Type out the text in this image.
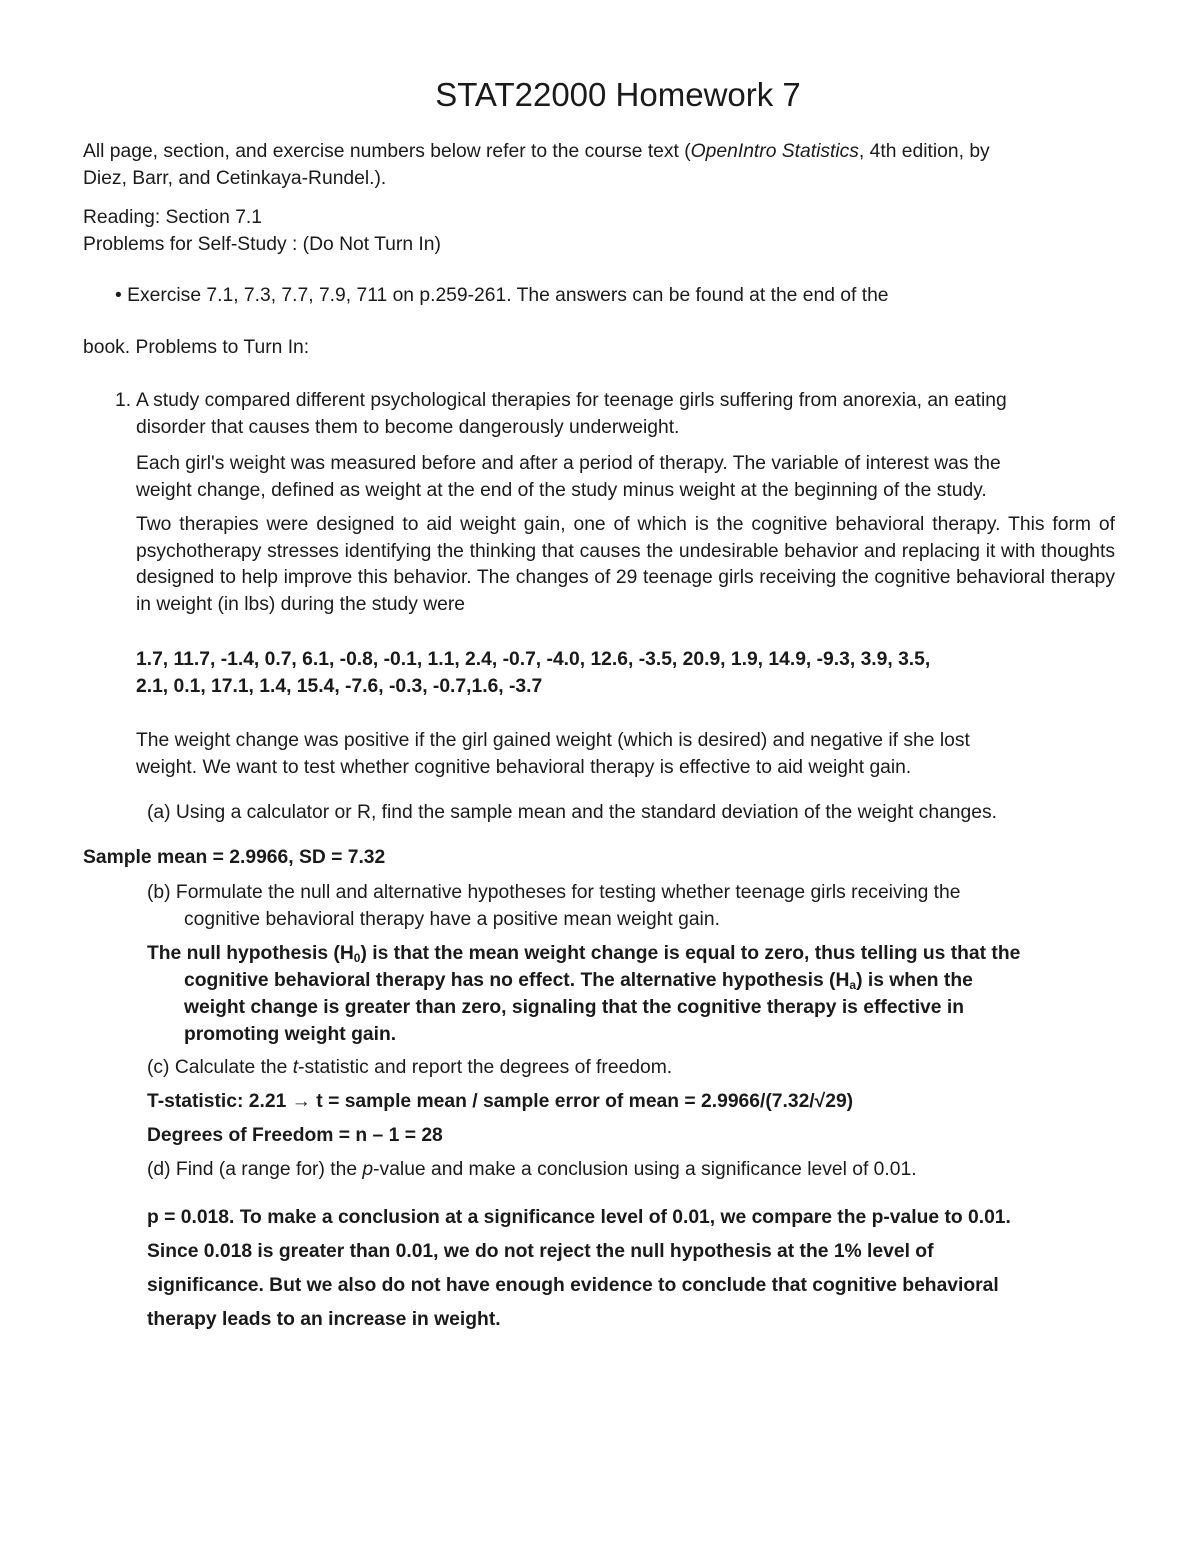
STAT22000 Homework 7
All page, section, and exercise numbers below refer to the course text (OpenIntro Statistics, 4th edition, by
Diez, Barr, and Cetinkaya-Rundel.).
Reading: Section 7.1
Problems for Self-Study : (Do Not Turn In)
• Exercise 7.1, 7.3, 7.7, 7.9, 711 on p.259-261. The answers can be found at the end of the
book. Problems to Turn In:
1. A study compared different psychological therapies for teenage girls suffering from anorexia, an eating
disorder that causes them to become dangerously underweight.
Each girl's weight was measured before and after a period of therapy. The variable of interest was the
weight change, defined as weight at the end of the study minus weight at the beginning of the study.
Two therapies were designed to aid weight gain, one of which is the cognitive behavioral therapy. This form of psychotherapy stresses identifying the thinking that causes the undesirable behavior and replacing it with thoughts designed to help improve this behavior. The changes of 29 teenage girls receiving the cognitive behavioral therapy in weight (in lbs) during the study were
1.7, 11.7, -1.4, 0.7, 6.1, -0.8, -0.1, 1.1, 2.4, -0.7, -4.0, 12.6, -3.5, 20.9, 1.9, 14.9, -9.3, 3.9, 3.5,
2.1, 0.1, 17.1, 1.4, 15.4, -7.6, -0.3, -0.7,1.6, -3.7
The weight change was positive if the girl gained weight (which is desired) and negative if she lost
weight. We want to test whether cognitive behavioral therapy is effective to aid weight gain.
(a) Using a calculator or R, find the sample mean and the standard deviation of the weight changes.
Sample mean = 2.9966, SD = 7.32
(b) Formulate the null and alternative hypotheses for testing whether teenage girls receiving the
cognitive behavioral therapy have a positive mean weight gain.
The null hypothesis $(H_0)$ is that the mean weight change is equal to zero, thus telling us that the
cognitive behavioral therapy has no effect. The alternative hypothesis $(H_a)$ is when the
weight change is greater than zero, signaling that the cognitive therapy is effective in
promoting weight gain.
(c) Calculate the t-statistic and report the degrees of freedom.
T-statistic: 2.21 → t = sample mean / sample error of mean = 2.9966/(7.32/√29)
Degrees of Freedom = n – 1 = 28
(d) Find (a range for) the p-value and make a conclusion using a significance level of 0.01.
p = 0.018. To make a conclusion at a significance level of 0.01, we compare the p-value to 0.01.
Since 0.018 is greater than 0.01, we do not reject the null hypothesis at the 1% level of
significance. But we also do not have enough evidence to conclude that cognitive behavioral
therapy leads to an increase in weight.
